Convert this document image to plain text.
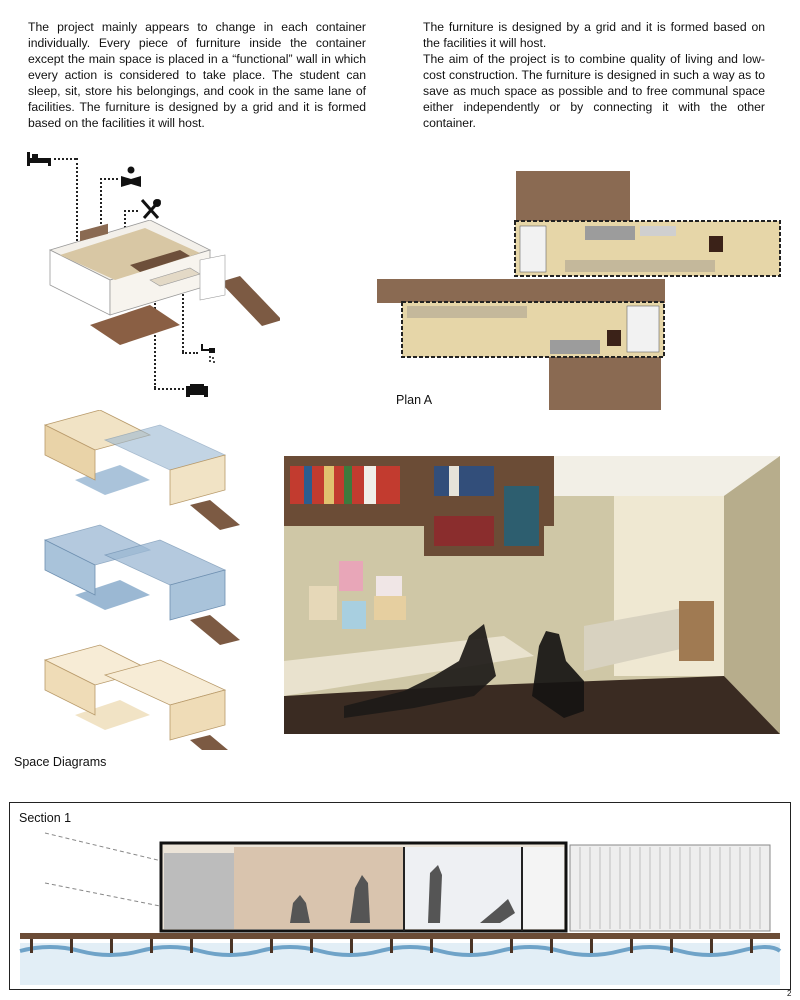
The project mainly appears to change in each container individually. Every piece of furniture inside the container except the main space is placed in a “functional” wall in which every action is considered to take place. The student can sleep, sit, store his belongings, and cook in the same lane of facilities. The furniture is designed by a grid and it is formed based on the facilities it will host.

The furniture is designed by a grid and it is formed based on the facilities it will host.

The aim of the project is to combine quality of living and low-cost construction. The furniture is designed in such a way as to save as much space as possible and to free communal space either independently or by connecting it with the other container.

Plan A
Space Diagrams
Section 1
2
